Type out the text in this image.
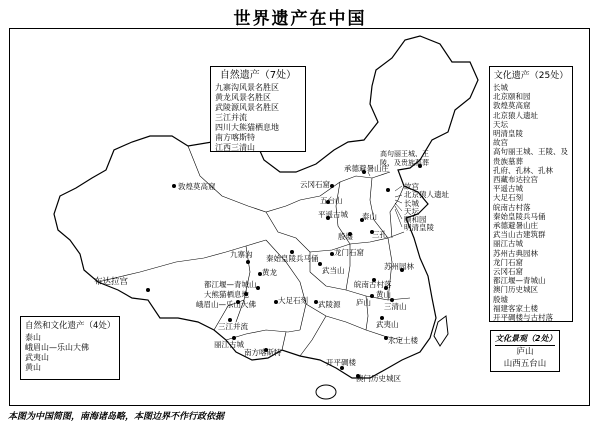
世界遗产在中国
敦煌莫高窟
布达拉宫
高句丽王城、王陵、及贵族墓葬
承德避暑山庄
云冈石窟
五台山
平遥古城
故宫
北京猿人遗址
长城
天坛
颐和园
明清皇陵
泰山
殷墟	三孔
龙门石窟
秦始皇陵兵马俑
九寨沟
黄龙	武当山	苏州园林
皖南古村落
都江堰—青城山
大熊猫栖息地
峨眉山—乐山大佛	大足石刻 武陵源
黄山
庐山 三清山
三江并流
丽江古城
南方喀斯特
武夷山
永定土楼
开平碉楼
澳门历史城区
自然遗产（7处）
九寨沟风景名胜区
黄龙风景名胜区
武陵源风景名胜区
三江并流
四川大熊猫栖息地
南方喀斯特
江西三清山
文化遗产（25处）
长城
北京颐和园
敦煌莫高窟
北京猿人遗址
天坛
明清皇陵
故宫
高句丽王城、王陵、及贵族墓葬
孔府、孔林、孔林
西藏布达拉宫
平遥古城
大足石刻
皖南古村落
秦始皇陵兵马俑
承德避暑山庄
武当山古建筑群
丽江古城
苏州古典园林
龙门石窟
云冈石窟
都江堰—青城山
澳门历史城区
殷墟
福建客家土楼
开平碉楼与古村落
自然和文化遗产（4处）
泰山
峨眉山—乐山大佛
武夷山
黄山
文化景观（2处）
庐山
山西五台山
本图为中国简图，南海诸岛略，本图边界不作行政依据
